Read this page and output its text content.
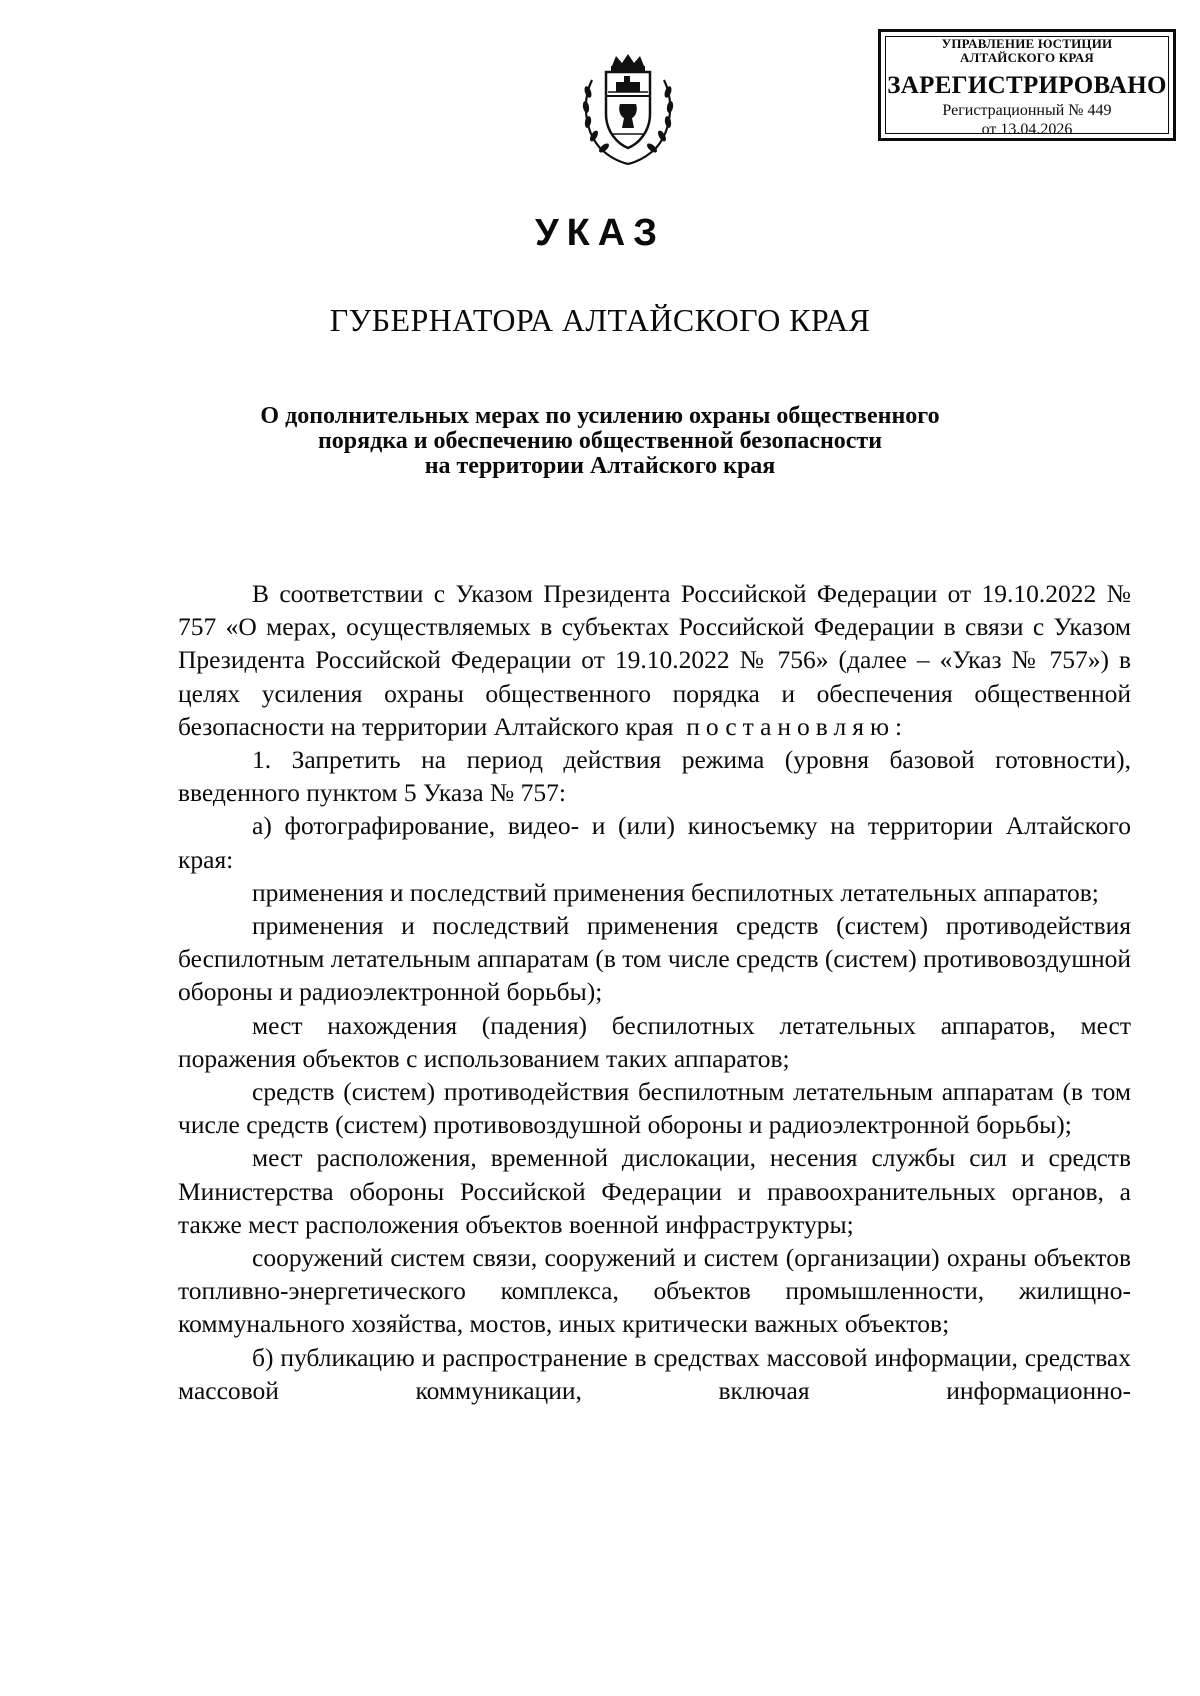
УПРАВЛЕНИЕ ЮСТИЦИИ
АЛТАЙСКОГО КРАЯ
ЗАРЕГИСТРИРОВАНО
Регистрационный № 449
от 13.04.2026
УКАЗ
ГУБЕРНАТОРА АЛТАЙСКОГО КРАЯ
О дополнительных мерах по усилению охраны общественного
порядка и обеспечению общественной безопасности
на территории Алтайского края

В соответствии с Указом Президента Российской Федерации от 19.10.2022 № 757 «О мерах, осуществляемых в субъектах Российской Федерации в связи с Указом Президента Российской Федерации от 19.10.2022 № 756» (далее – «Указ № 757») в целях усиления охраны общественного порядка и обеспечения общественной безопасности на территории Алтайского края постановляю:

1. Запретить на период действия режима (уровня базовой готовности), введенного пунктом 5 Указа № 757:

а) фотографирование, видео- и (или) киносъемку на территории Алтайского края:

применения и последствий применения беспилотных летательных аппаратов;

применения и последствий применения средств (систем) противодействия беспилотным летательным аппаратам (в том числе средств (систем) противовоздушной обороны и радиоэлектронной борьбы);

мест нахождения (падения) беспилотных летательных аппаратов, мест поражения объектов с использованием таких аппаратов;

средств (систем) противодействия беспилотным летательным аппаратам (в том числе средств (систем) противовоздушной обороны и радиоэлектронной борьбы);

мест расположения, временной дислокации, несения службы сил и средств Министерства обороны Российской Федерации и правоохранительных органов, а также мест расположения объектов военной инфраструктуры;

сооружений систем связи, сооружений и систем (организации) охраны объектов топливно-энергетического комплекса, объектов промышленности, жилищно-коммунального хозяйства, мостов, иных критически важных объектов;

б) публикацию и распространение в средствах массовой информации, средствах массовой коммуникации, включая информационно-
